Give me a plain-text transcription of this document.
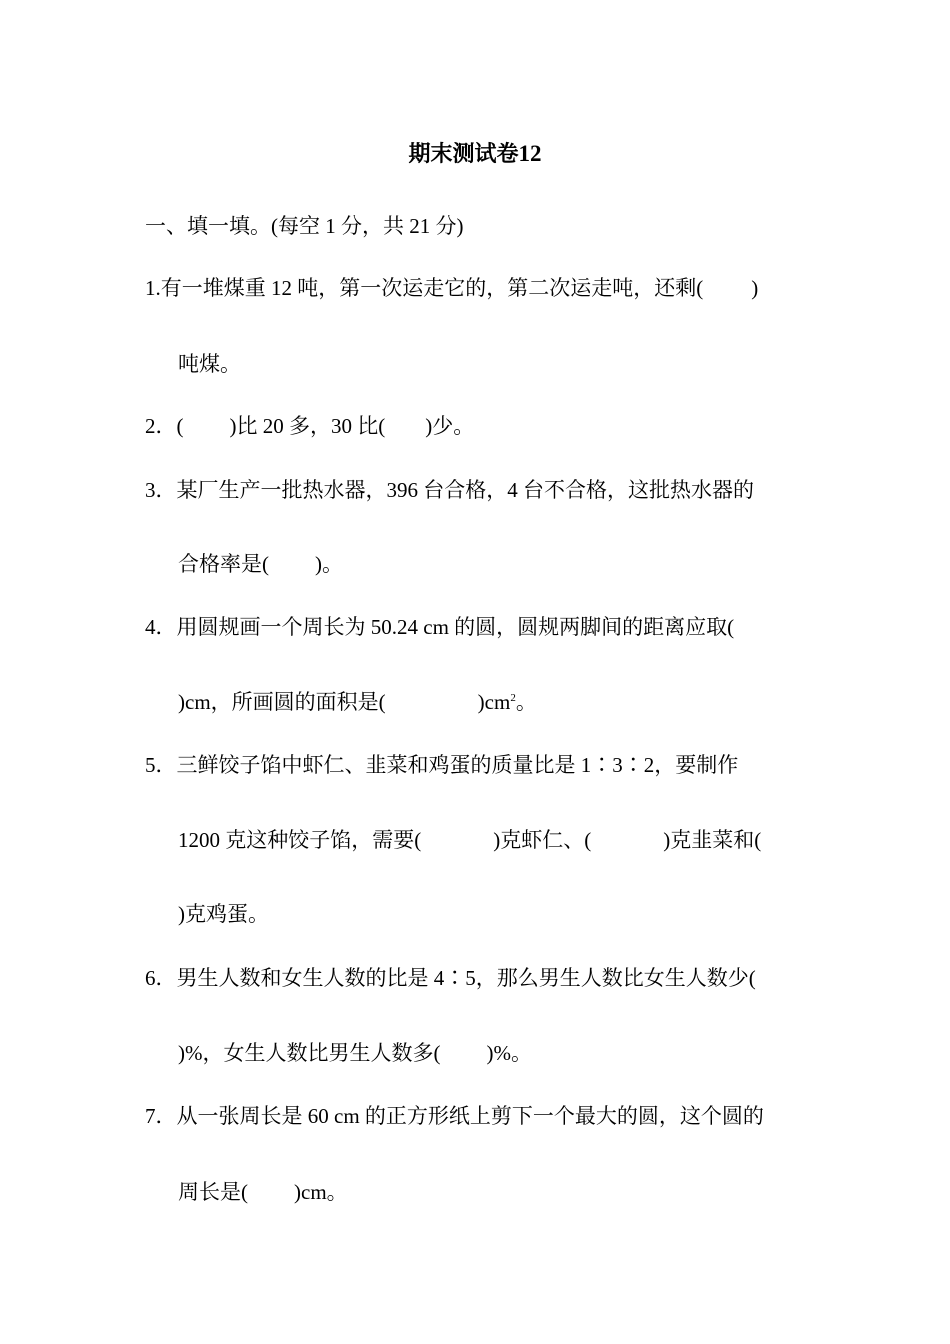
期末测试卷12
一、填一填。(每空 1 分，共 21 分)
1.有一堆煤重 12 吨，第一次运走它的，第二次运走吨，还剩( )
吨煤。
2．( )比 20 多，30 比( )少。
3．某厂生产一批热水器，396 台合格，4 台不合格，这批热水器的
合格率是( )。
4．用圆规画一个周长为 50.24 cm 的圆，圆规两脚间的距离应取(
)cm，所画圆的面积是(	)$cm^2$。
5．三鲜饺子馅中虾仁、韭菜和鸡蛋的质量比是 1∶3∶2，要制作
1200 克这种饺子馅，需要(	)克虾仁、(	)克韭菜和(
)克鸡蛋。
6．男生人数和女生人数的比是 4∶5，那么男生人数比女生人数少(
)%，女生人数比男生人数多( )%。
7．从一张周长是 60 cm 的正方形纸上剪下一个最大的圆，这个圆的
周长是( )cm。
